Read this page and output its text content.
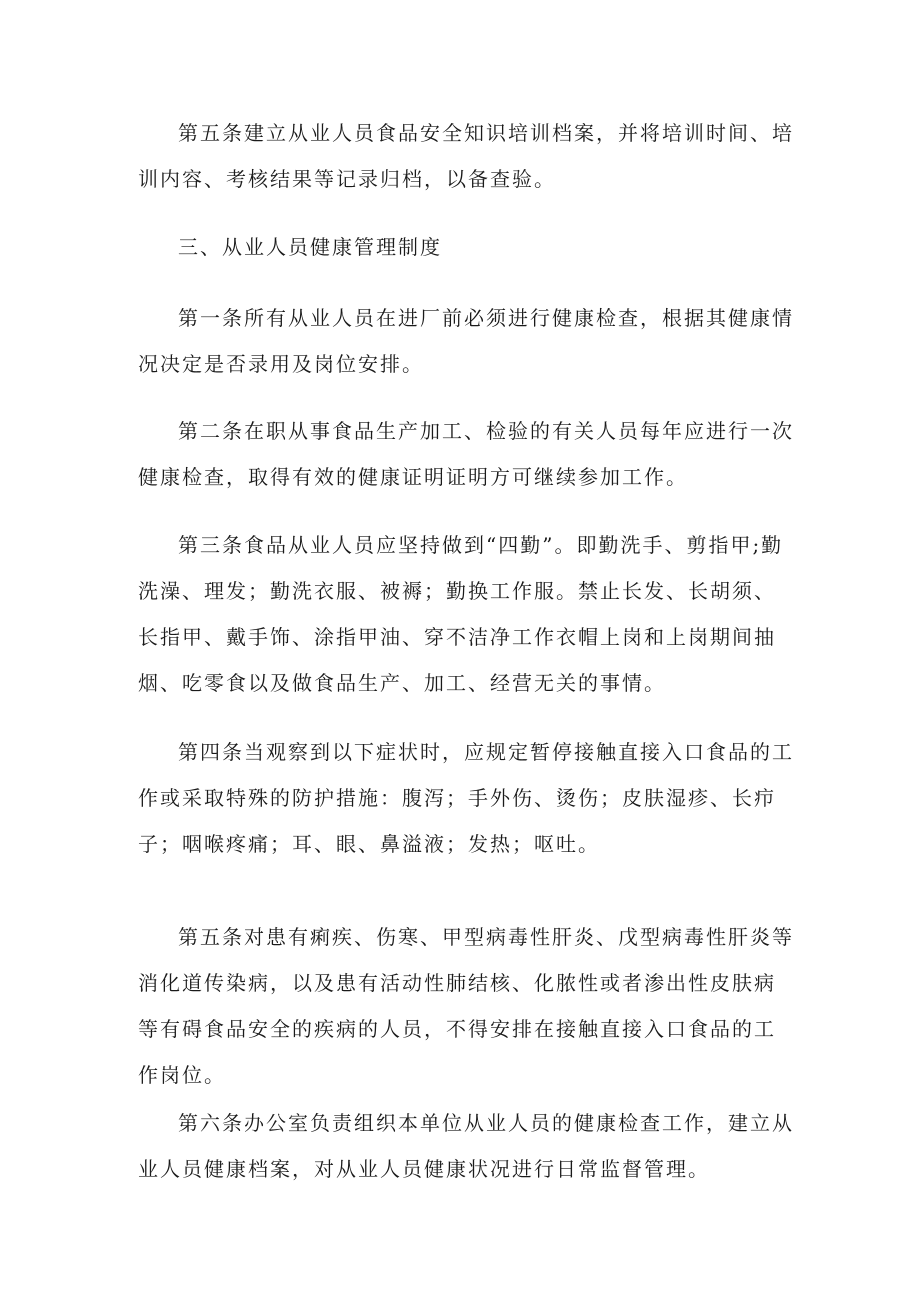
第五条建立从业人员食品安全知识培训档案，并将培训时间、培训内容、考核结果等记录归档，以备查验。

三、从业人员健康管理制度

第一条所有从业人员在进厂前必须进行健康检查，根据其健康情况决定是否录用及岗位安排。

第二条在职从事食品生产加工、检验的有关人员每年应进行一次健康检查，取得有效的健康证明证明方可继续参加工作。

第三条食品从业人员应坚持做到“四勤”。即勤洗手、剪指甲;勤洗澡、理发；勤洗衣服、被褥；勤换工作服。禁止长发、长胡须、长指甲、戴手饰、涂指甲油、穿不洁净工作衣帽上岗和上岗期间抽烟、吃零食以及做食品生产、加工、经营无关的事情。

第四条当观察到以下症状时，应规定暂停接触直接入口食品的工作或采取特殊的防护措施：腹泻；手外伤、烫伤；皮肤湿疹、长疖子；咽喉疼痛；耳、眼、鼻溢液；发热；呕吐。

第五条对患有痢疾、伤寒、甲型病毒性肝炎、戊型病毒性肝炎等消化道传染病，以及患有活动性肺结核、化脓性或者渗出性皮肤病等有碍食品安全的疾病的人员，不得安排在接触直接入口食品的工作岗位。

第六条办公室负责组织本单位从业人员的健康检查工作，建立从业人员健康档案，对从业人员健康状况进行日常监督管理。
